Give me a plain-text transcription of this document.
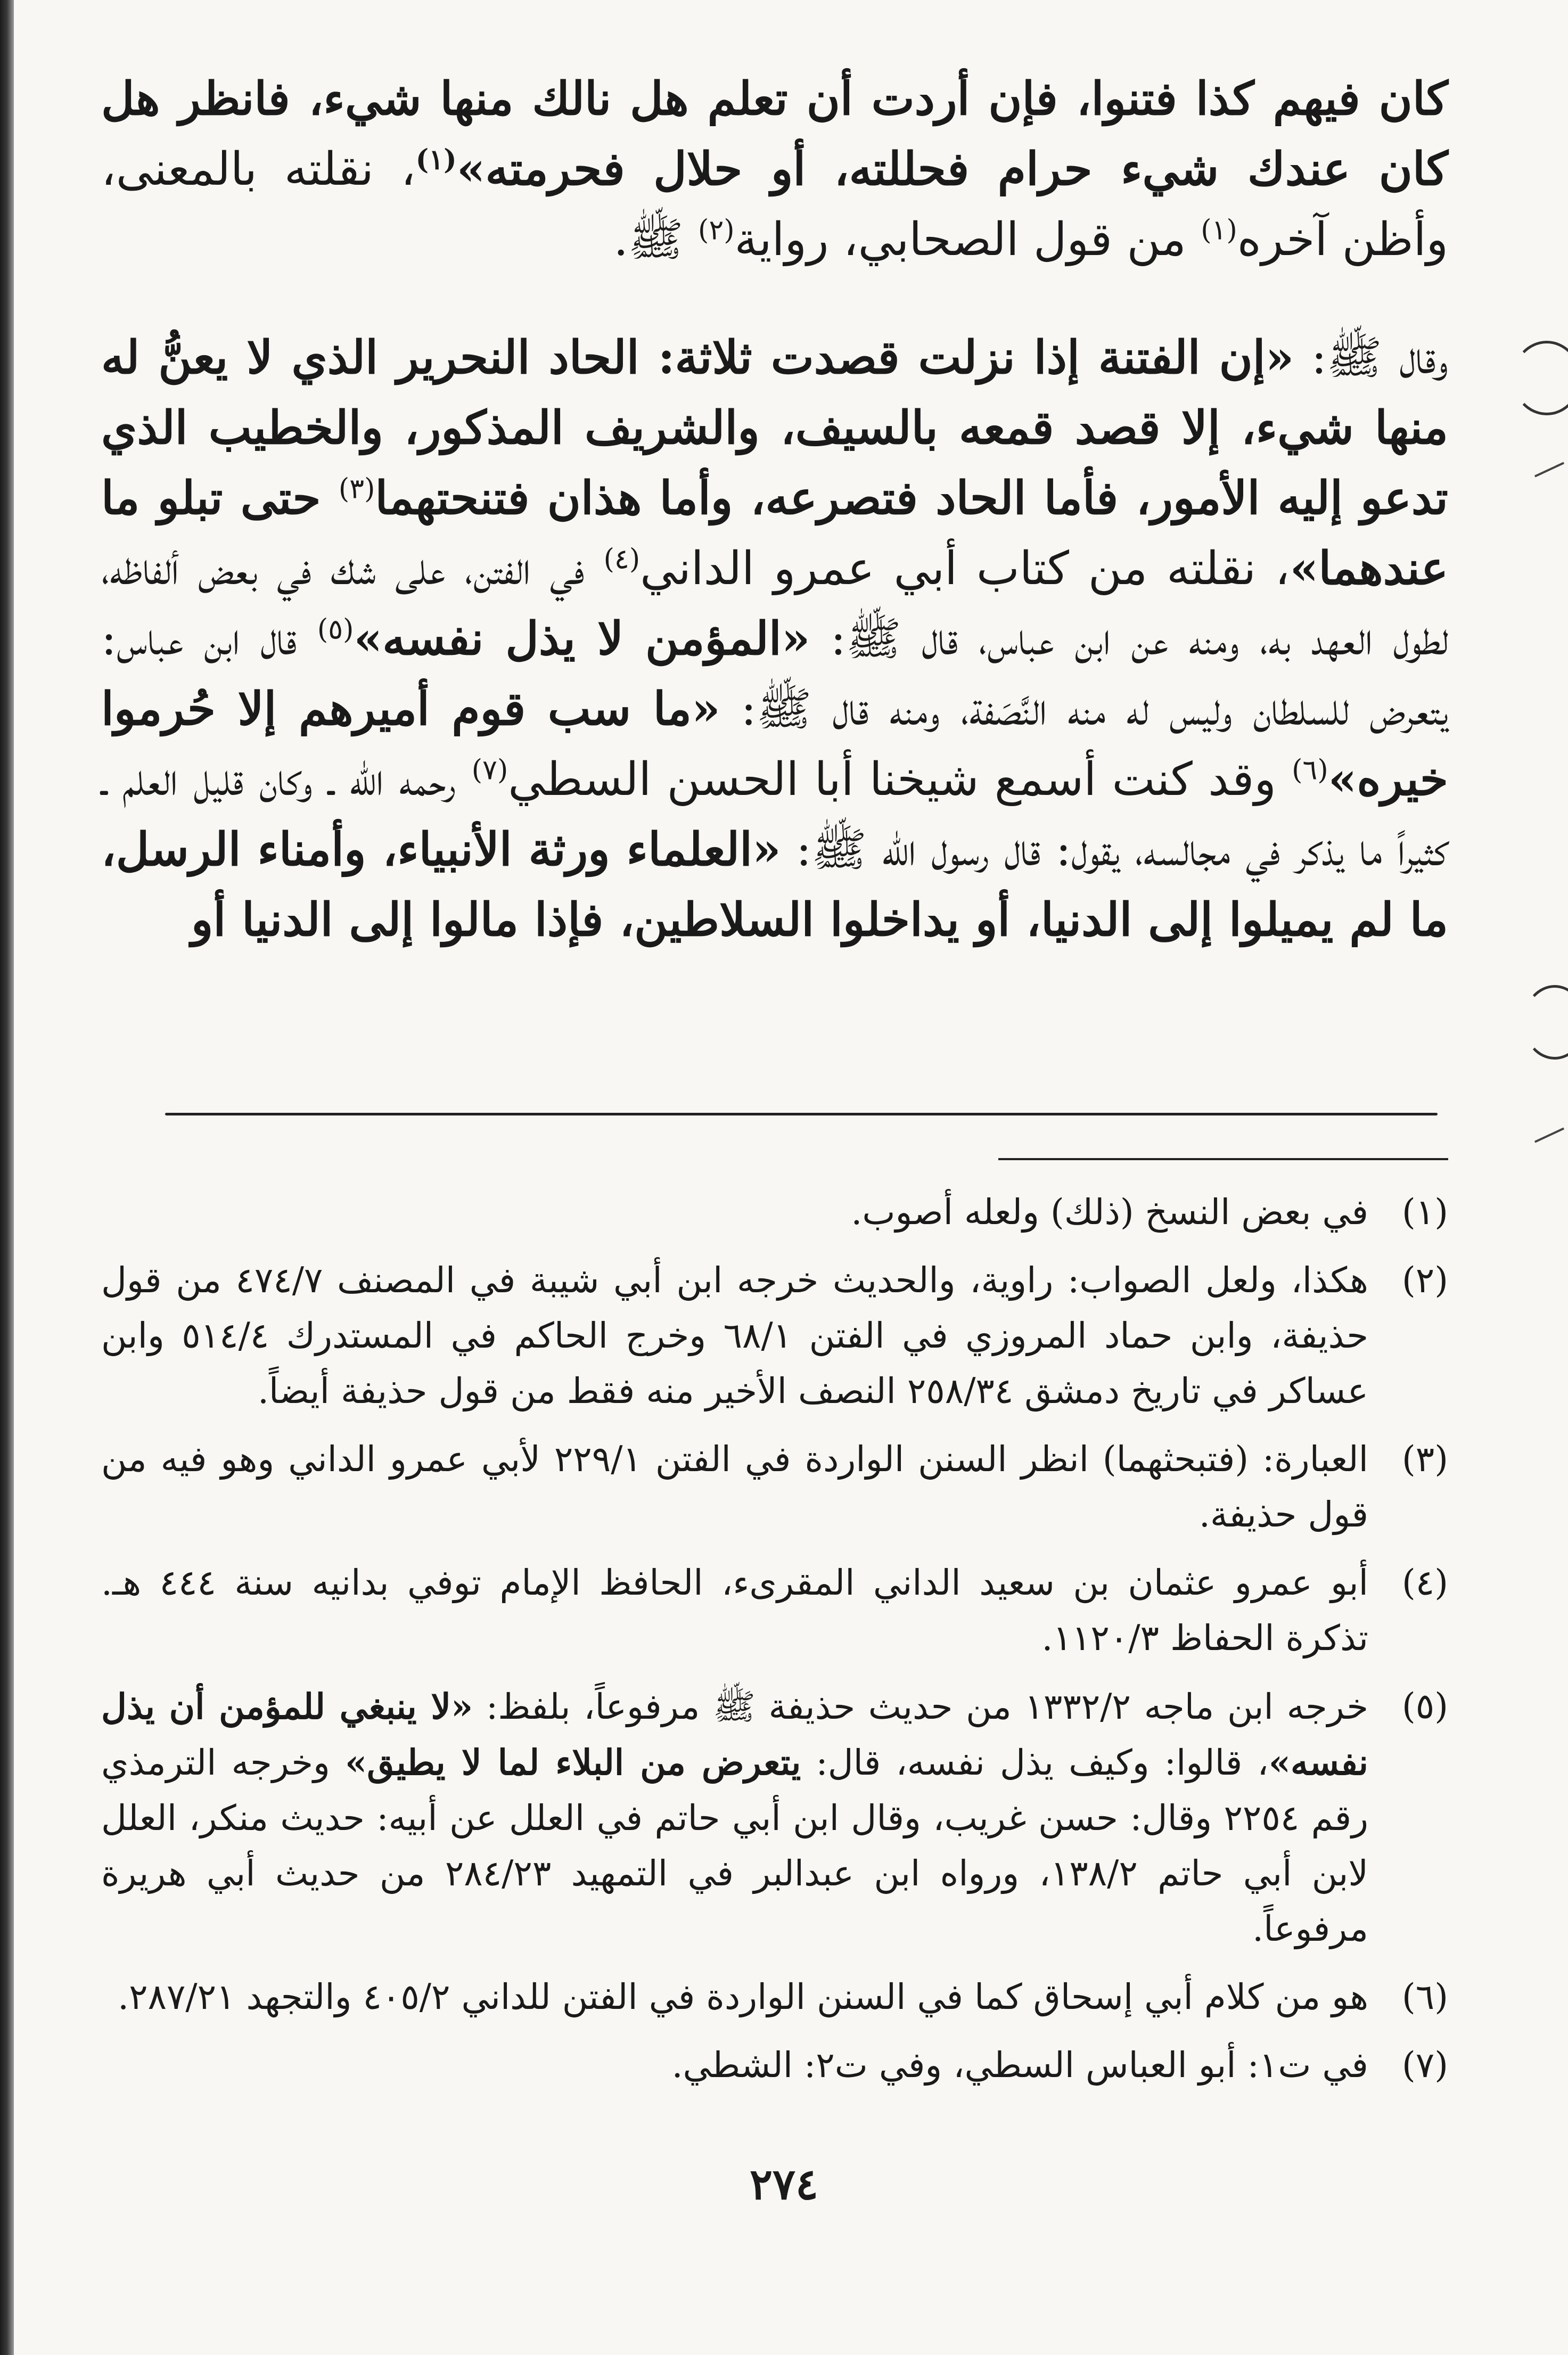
كان فيهم كذا فتنوا، فإن أردت أن تعلم هل نالك منها شيء، فانظر هل كان عندك شيء حرام فحللته، أو حلال فحرمته»$^{(١)}$، نقلته بالمعنى، وأظن آخره$^{(١)}$ من قول الصحابي، رواية$^{(٢)}$ ﷺ.

وقال ﷺ: «إن الفتنة إذا نزلت قصدت ثلاثة: الحاد النحرير الذي لا يعنُّ له منها شيء، إلا قصد قمعه بالسيف، والشريف المذكور، والخطيب الذي تدعو إليه الأمور، فأما الحاد فتصرعه، وأما هذان فتنحتهما$^{(٣)}$ حتى تبلو ما عندهما»، نقلته من كتاب أبي عمرو الداني$^{(٤)}$ في الفتن، على شك في بعض ألفاظه، لطول العهد به، ومنه عن ابن عباس، قال ﷺ: «المؤمن لا يذل نفسه»$^{(٥)}$ قال ابن عباس: يتعرض للسلطان وليس له منه النَّصَفة، ومنه قال ﷺ: «ما سب قوم أميرهم إلا حُرموا خيره»$^{(٦)}$ وقد كنت أسمع شيخنا أبا الحسن السطي$^{(٧)}$ رحمه الله ـ وكان قليل العلم ـ كثيراً ما يذكر في مجالسه، يقول: قال رسول الله ﷺ: «العلماء ورثة الأنبياء، وأمناء الرسل، ما لم يميلوا إلى الدنيا، أو يداخلوا السلاطين، فإذا مالوا إلى الدنيا أو

(١)
في بعض النسخ (ذلك) ولعله أصوب.
(٢)
هكذا، ولعل الصواب: راوية، والحديث خرجه ابن أبي شيبة في المصنف ٤٧٤/٧ من قول حذيفة، وابن حماد المروزي في الفتن ٦٨/١ وخرج الحاكم في المستدرك ٥١٤/٤ وابن عساكر في تاريخ دمشق ٢٥٨/٣٤ النصف الأخير منه فقط من قول حذيفة أيضاً.
(٣)
العبارة: (فتبحثهما) انظر السنن الواردة في الفتن ٢٢٩/١ لأبي عمرو الداني وهو فيه من قول حذيفة.
(٤)
أبو عمرو عثمان بن سعيد الداني المقرىء، الحافظ الإمام توفي بدانيه سنة ٤٤٤ هـ. تذكرة الحفاظ ١١٢٠/٣.
(٥)
خرجه ابن ماجه ١٣٣٢/٢ من حديث حذيفة ﷺ مرفوعاً، بلفظ: «لا ينبغي للمؤمن أن يذل نفسه»، قالوا: وكيف يذل نفسه، قال: يتعرض من البلاء لما لا يطيق» وخرجه الترمذي رقم ٢٢٥٤ وقال: حسن غريب، وقال ابن أبي حاتم في العلل عن أبيه: حديث منكر، العلل لابن أبي حاتم ١٣٨/٢، ورواه ابن عبدالبر في التمهيد ٢٨٤/٢٣ من حديث أبي هريرة مرفوعاً.
(٦)
هو من كلام أبي إسحاق كما في السنن الواردة في الفتن للداني ٤٠٥/٢ والتجهد ٢٨٧/٢١.
(٧)
في ت١: أبو العباس السطي، وفي ت٢: الشطي.
٢٧٤
